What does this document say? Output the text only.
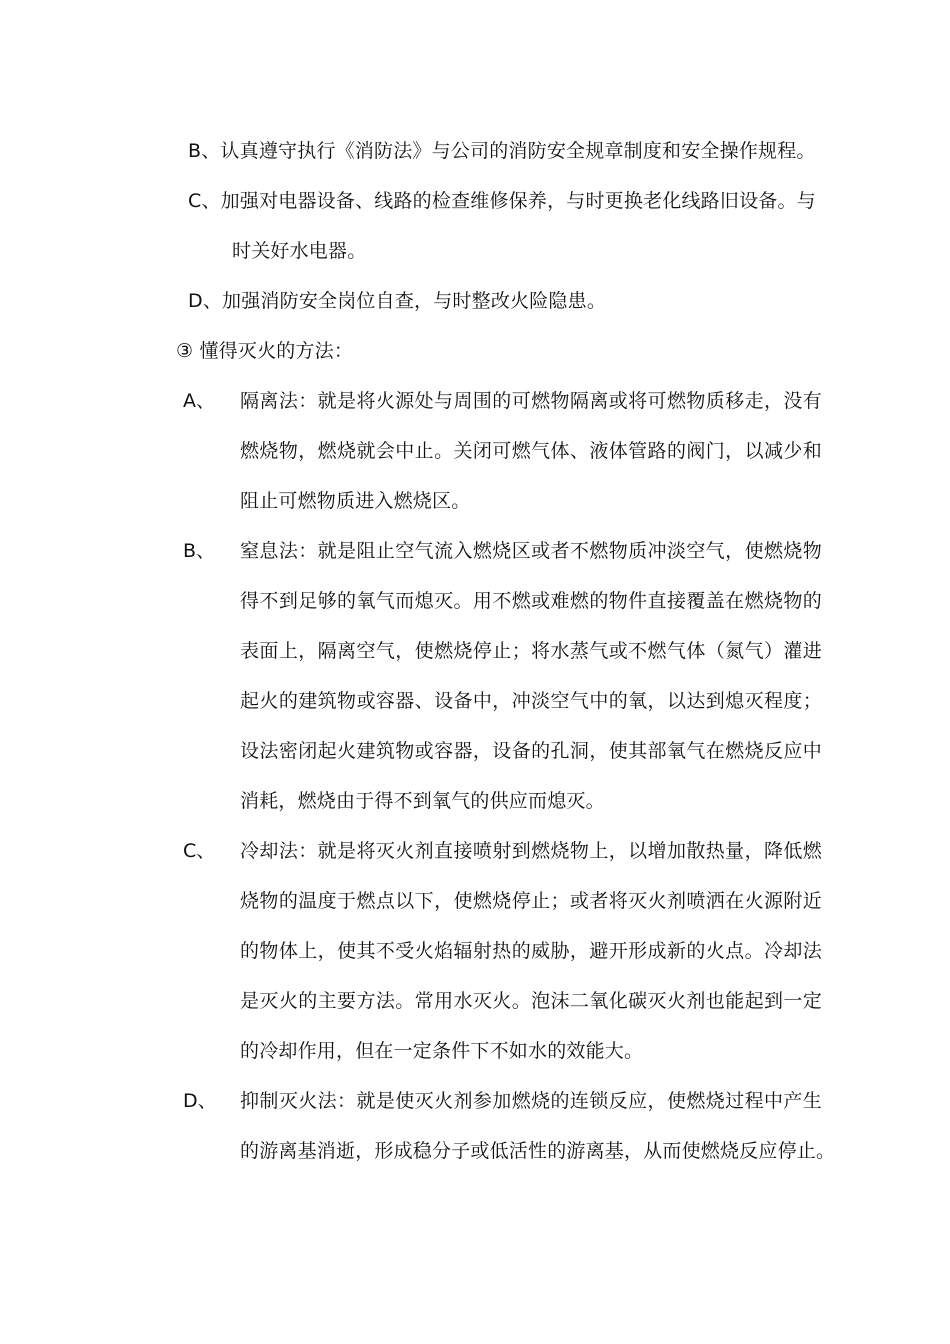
B、认真遵守执行《消防法》与公司的消防安全规章制度和安全操作规程。
C、加强对电器设备、线路的检查维修保养，与时更换老化线路旧设备。与
时关好水电器。
D、加强消防安全岗位自查，与时整改火险隐患。
③ 懂得灭火的方法：
A、 隔离法：就是将火源处与周围的可燃物隔离或将可燃物质移走，没有
燃烧物，燃烧就会中止。关闭可燃气体、液体管路的阀门，以减少和
阻止可燃物质进入燃烧区。
B、 窒息法：就是阻止空气流入燃烧区或者不燃物质冲淡空气，使燃烧物
得不到足够的氧气而熄灭。用不燃或难燃的物件直接覆盖在燃烧物的
表面上，隔离空气，使燃烧停止；将水蒸气或不燃气体（氮气）灌进
起火的建筑物或容器、设备中，冲淡空气中的氧，以达到熄灭程度；
设法密闭起火建筑物或容器，设备的孔洞，使其部氧气在燃烧反应中
消耗，燃烧由于得不到氧气的供应而熄灭。
C、 冷却法：就是将灭火剂直接喷射到燃烧物上，以增加散热量，降低燃
烧物的温度于燃点以下，使燃烧停止；或者将灭火剂喷洒在火源附近
的物体上，使其不受火焰辐射热的威胁，避开形成新的火点。冷却法
是灭火的主要方法。常用水灭火。泡沫二氧化碳灭火剂也能起到一定
的冷却作用，但在一定条件下不如水的效能大。
D、 抑制灭火法：就是使灭火剂参加燃烧的连锁反应，使燃烧过程中产生
的游离基消逝，形成稳分子或低活性的游离基，从而使燃烧反应停止。
